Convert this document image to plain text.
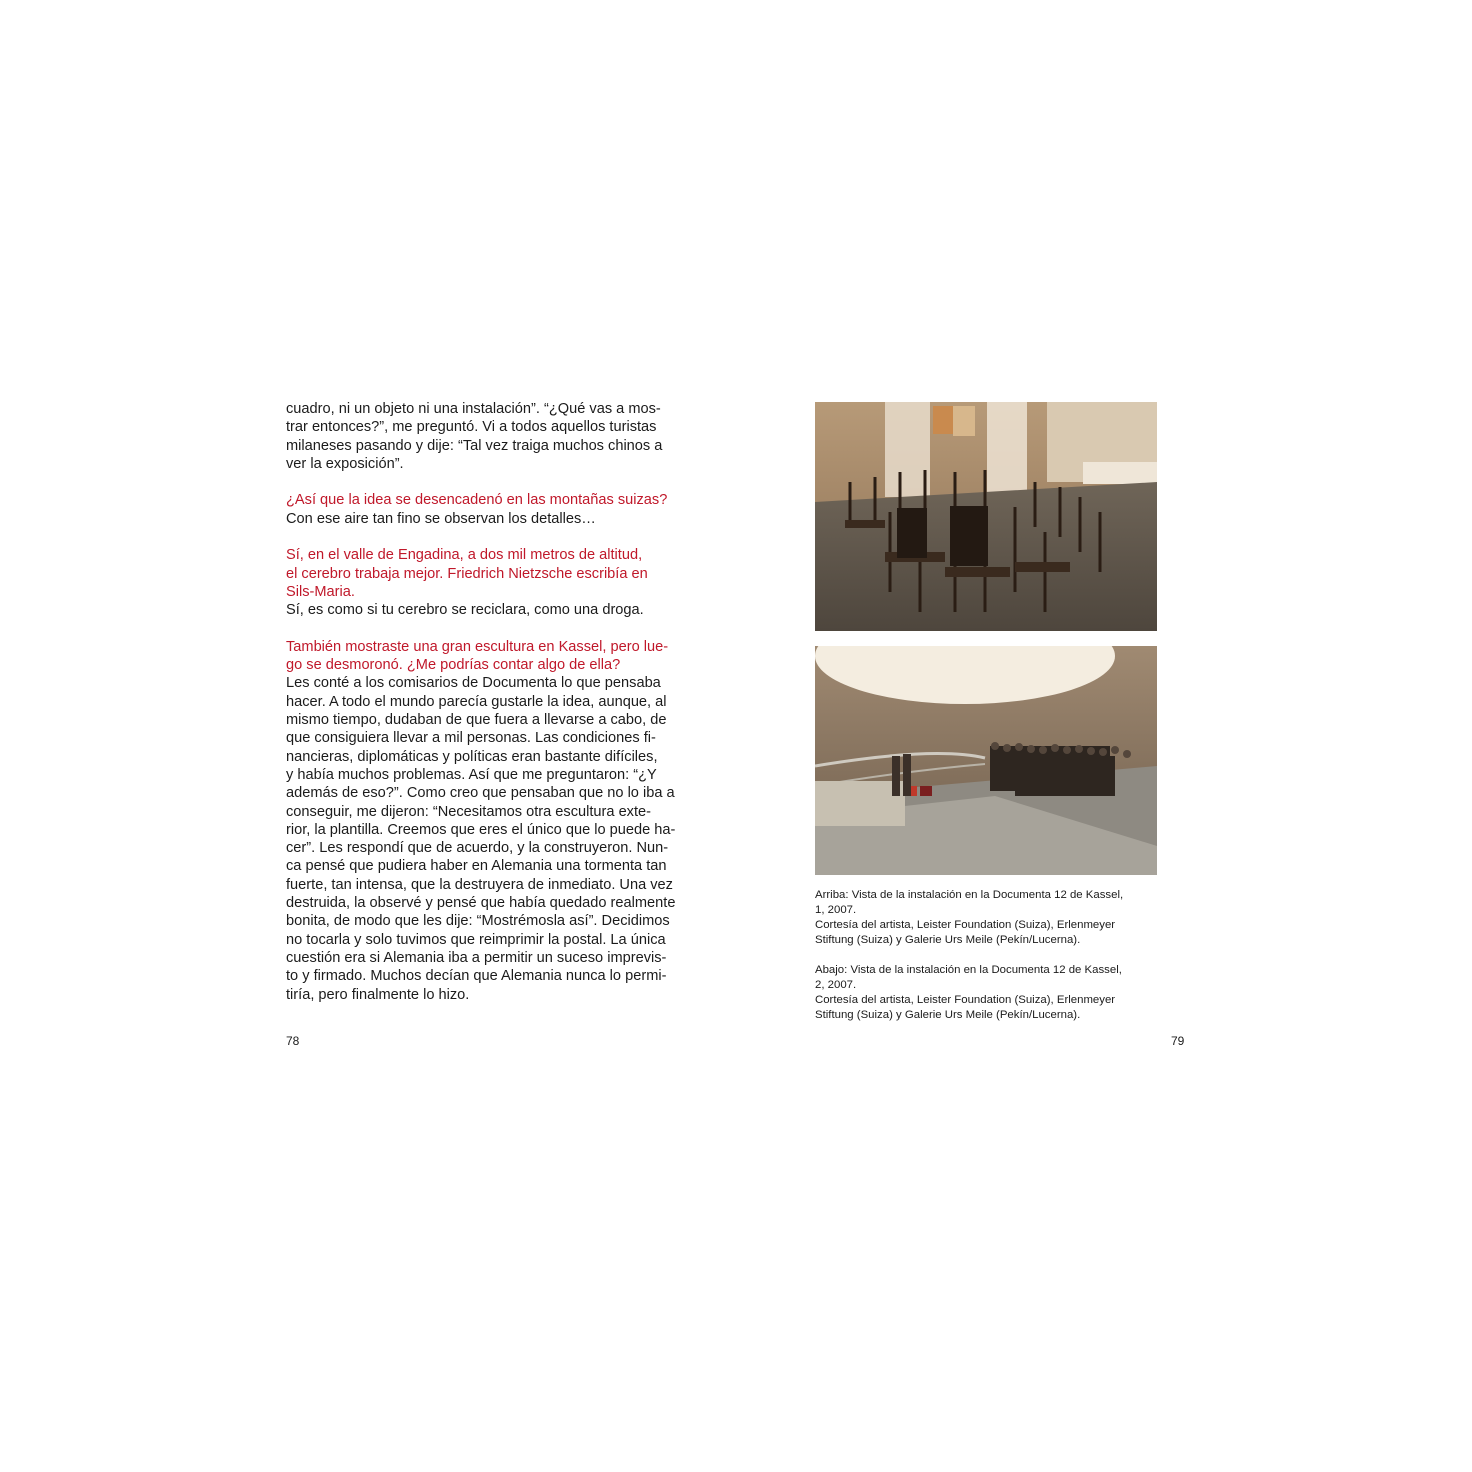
cuadro, ni un objeto ni una instalación”. “¿Qué vas a mos-

trar entonces?”, me preguntó. Vi a todos aquellos turistas

milaneses pasando y dije: “Tal vez traiga muchos chinos a

ver la exposición”.

¿Así que la idea se desencadenó en las montañas suizas?

Con ese aire tan fino se observan los detalles…

Sí, en el valle de Engadina, a dos mil metros de altitud,

el cerebro trabaja mejor. Friedrich Nietzsche escribía en

Sils-Maria.

Sí, es como si tu cerebro se reciclara, como una droga.

También mostraste una gran escultura en Kassel, pero lue-

go se desmoronó. ¿Me podrías contar algo de ella?

Les conté a los comisarios de Documenta lo que pensaba

hacer. A todo el mundo parecía gustarle la idea, aunque, al

mismo tiempo, dudaban de que fuera a llevarse a cabo, de

que consiguiera llevar a mil personas. Las condiciones fi-

nancieras, diplomáticas y políticas eran bastante difíciles,

y había muchos problemas. Así que me preguntaron: “¿Y

además de eso?”. Como creo que pensaban que no lo iba a

conseguir, me dijeron: “Necesitamos otra escultura exte-

rior, la plantilla. Creemos que eres el único que lo puede ha-

cer”. Les respondí que de acuerdo, y la construyeron. Nun-

ca pensé que pudiera haber en Alemania una tormenta tan

fuerte, tan intensa, que la destruyera de inmediato. Una vez

destruida, la observé y pensé que había quedado realmente

bonita, de modo que les dije: “Mostrémosla así”. Decidimos

no tocarla y solo tuvimos que reimprimir la postal. La única

cuestión era si Alemania iba a permitir un suceso imprevis-

to y firmado. Muchos decían que Alemania nunca lo permi-

tiría, pero finalmente lo hizo.

78

Arriba: Vista de la instalación en la Documenta 12 de Kassel,

1, 2007.

Cortesía del artista, Leister Foundation (Suiza), Erlenmeyer

Stiftung (Suiza) y Galerie Urs Meile (Pekín/Lucerna).

Abajo: Vista de la instalación en la Documenta 12 de Kassel,

2, 2007.

Cortesía del artista, Leister Foundation (Suiza), Erlenmeyer

Stiftung (Suiza) y Galerie Urs Meile (Pekín/Lucerna).

79
